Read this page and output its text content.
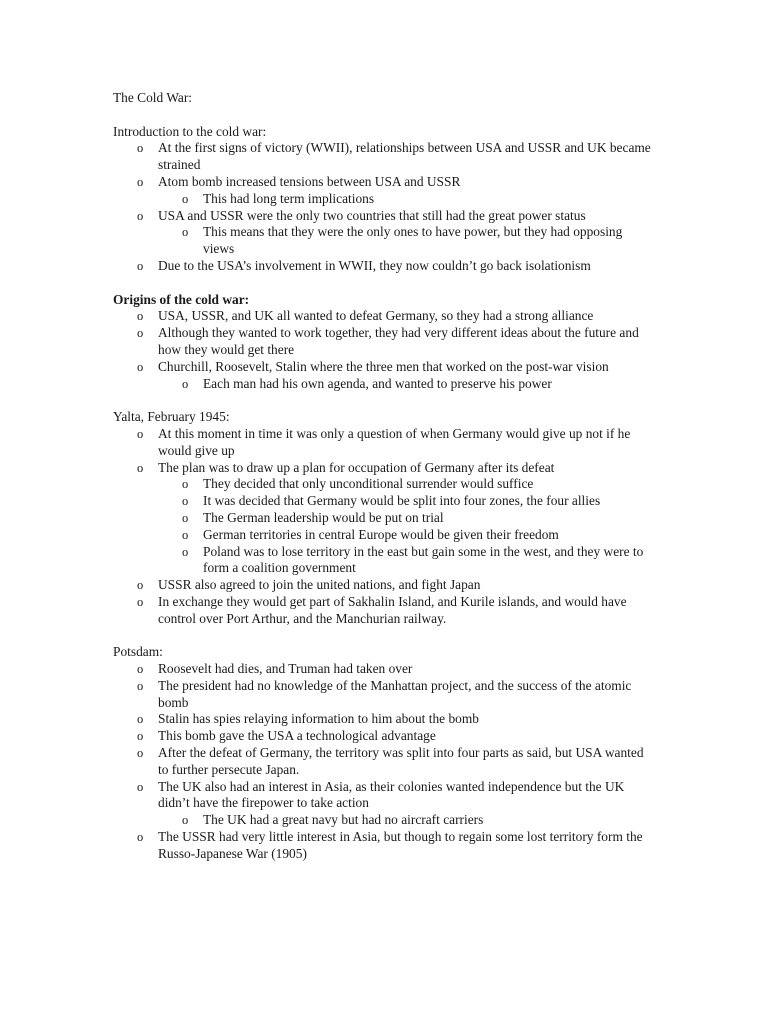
The Cold War:

Introduction to the cold war:

o At the first signs of victory (WWII), relationships between USA and USSR and UK became strained
o Atom bomb increased tensions between USA and USSR
o This had long term implications
o USA and USSR were the only two countries that still had the great power status
o This means that they were the only ones to have power, but they had opposing views
o Due to the USA’s involvement in WWII, they now couldn’t go back isolationism

Origins of the cold war:

o USA, USSR, and UK all wanted to defeat Germany, so they had a strong alliance
o Although they wanted to work together, they had very different ideas about the future and how they would get there
o Churchill, Roosevelt, Stalin where the three men that worked on the post-war vision
o Each man had his own agenda, and wanted to preserve his power

Yalta, February 1945:

o At this moment in time it was only a question of when Germany would give up not if he would give up
o The plan was to draw up a plan for occupation of Germany after its defeat
o They decided that only unconditional surrender would suffice
o It was decided that Germany would be split into four zones, the four allies
o The German leadership would be put on trial
o German territories in central Europe would be given their freedom
o Poland was to lose territory in the east but gain some in the west, and they were to form a coalition government
o USSR also agreed to join the united nations, and fight Japan
o In exchange they would get part of Sakhalin Island, and Kurile islands, and would have control over Port Arthur, and the Manchurian railway.

Potsdam:

o Roosevelt had dies, and Truman had taken over
o The president had no knowledge of the Manhattan project, and the success of the atomic bomb
o Stalin has spies relaying information to him about the bomb
o This bomb gave the USA a technological advantage
o After the defeat of Germany, the territory was split into four parts as said, but USA wanted to further persecute Japan.
o The UK also had an interest in Asia, as their colonies wanted independence but the UK didn’t have the firepower to take action
o The UK had a great navy but had no aircraft carriers
o The USSR had very little interest in Asia, but though to regain some lost territory form the Russo-Japanese War (1905)
